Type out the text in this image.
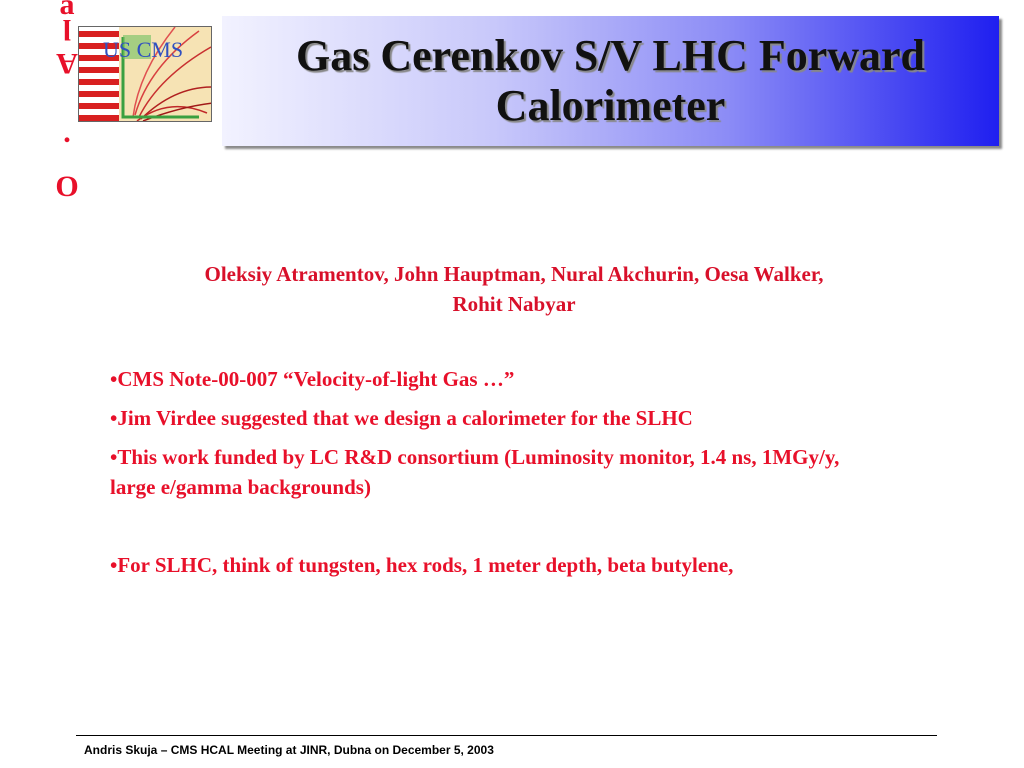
a
l
A
.
O
US CMS	Gas Cerenkov S/V LHC Forward
Calorimeter
Oleksiy Atramentov, John Hauptman, Nural Akchurin, Oesa Walker,
Rohit Nabyar

•CMS Note-00-007 “Velocity-of-light Gas …”

•Jim Virdee suggested that we design a calorimeter for the SLHC

•This work funded by LC R&D consortium (Luminosity monitor, 1.4 ns, 1MGy/y, large e/gamma backgrounds)

•For SLHC, think of tungsten, hex rods, 1 meter depth, beta butylene,

Andris Skuja – CMS HCAL Meeting at JINR, Dubna on December 5, 2003
